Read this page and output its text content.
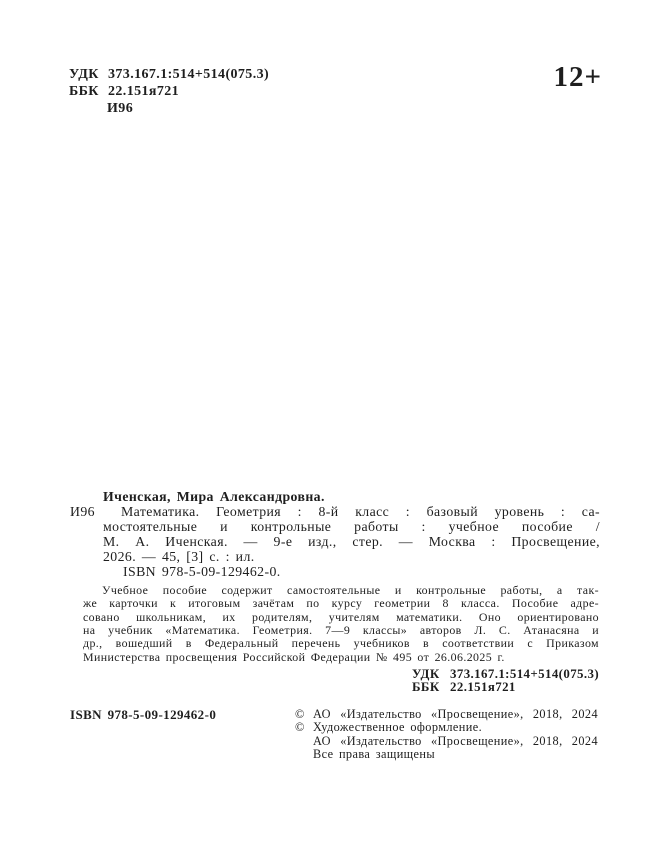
УДК 373.167.1:514+514(075.3)
ББК 22.151я721
И96
12+
И96
Иченская, Мира Александровна.
Математика. Геометрия : 8-й класс : базовый уровень : са-
мостоятельные и контрольные работы : учебное пособие /
М. А. Иченская. — 9-е изд., стер. — Москва : Просвещение,
2026. — 45, [3] с. : ил.
ISBN 978-5-09-129462-0.
Учебное пособие содержит самостоятельные и контрольные работы, а так-
же карточки к итоговым зачётам по курсу геометрии 8 класса. Пособие адре-
совано школьникам, их родителям, учителям математики. Оно ориентировано
на учебник «Математика. Геометрия. 7—9 классы» авторов Л. С. Атанасяна и
др., вошедший в Федеральный перечень учебников в соответствии с Приказом
Министерства просвещения Российской Федерации № 495 от 26.06.2025 г.
УДК 373.167.1:514+514(075.3)
ББК 22.151я721
ISBN 978-5-09-129462-0	© АО «Издательство «Просвещение», 2018, 2024
© Художественное оформление.
АО «Издательство «Просвещение», 2018, 2024
Все права защищены
